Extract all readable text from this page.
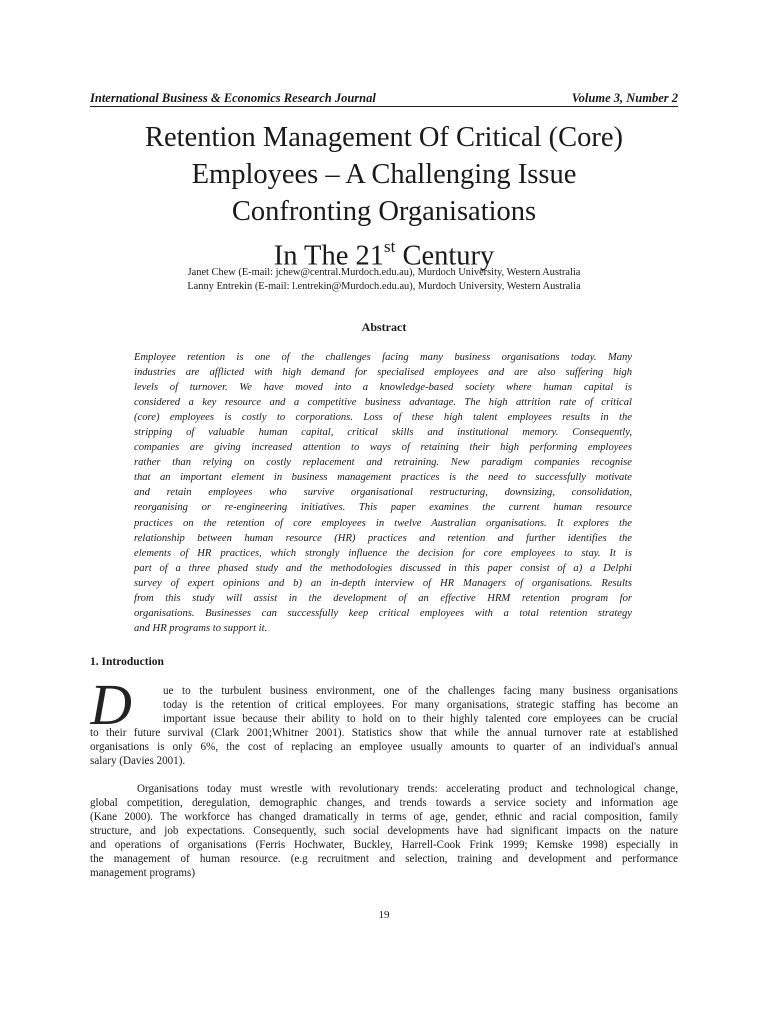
International Business & Economics Research Journal	Volume 3, Number 2
Retention Management Of Critical (Core)
Employees – A Challenging Issue
Confronting Organisations
In The 21st Century
Janet Chew (E-mail: jchew@central.Murdoch.edu.au), Murdoch University, Western Australia
Lanny Entrekin (E-mail: l.entrekin@Murdoch.edu.au), Murdoch University, Western Australia
Abstract
Employee retention is one of the challenges facing many business organisations today. Many
industries are afflicted with high demand for specialised employees and are also suffering high
levels of turnover. We have moved into a knowledge-based society where human capital is
considered a key resource and a competitive business advantage. The high attrition rate of critical
(core) employees is costly to corporations. Loss of these high talent employees results in the
stripping of valuable human capital, critical skills and institutional memory. Consequently,
companies are giving increased attention to ways of retaining their high performing employees
rather than relying on costly replacement and retraining. New paradigm companies recognise
that an important element in business management practices is the need to successfully motivate
and retain employees who survive organisational restructuring, downsizing, consolidation,
reorganising or re-engineering initiatives. This paper examines the current human resource
practices on the retention of core employees in twelve Australian organisations. It explores the
relationship between human resource (HR) practices and retention and further identifies the
elements of HR practices, which strongly influence the decision for core employees to stay. It is
part of a three phased study and the methodologies discussed in this paper consist of a) a Delphi
survey of expert opinions and b) an in-depth interview of HR Managers of organisations. Results
from this study will assist in the development of an effective HRM retention program for
organisations. Businesses can successfully keep critical employees with a total retention strategy
and HR programs to support it.
1. Introduction
D	ue to the turbulent business environment, one of the challenges facing many business organisations
today is the retention of critical employees. For many organisations, strategic staffing has become an
important issue because their ability to hold on to their highly talented core employees can be crucial
to their future survival (Clark 2001;Whitner 2001). Statistics show that while the annual turnover rate at established
organisations is only 6%, the cost of replacing an employee usually amounts to quarter of an individual's annual
salary (Davies 2001).
Organisations today must wrestle with revolutionary trends: accelerating product and technological change,
global competition, deregulation, demographic changes, and trends towards a service society and information age
(Kane 2000). The workforce has changed dramatically in terms of age, gender, ethnic and racial composition, family
structure, and job expectations. Consequently, such social developments have had significant impacts on the nature
and operations of organisations (Ferris Hochwater, Buckley, Harrell-Cook Frink 1999; Kemske 1998) especially in
the management of human resource. (e.g recruitment and selection, training and development and performance
management programs)
19
